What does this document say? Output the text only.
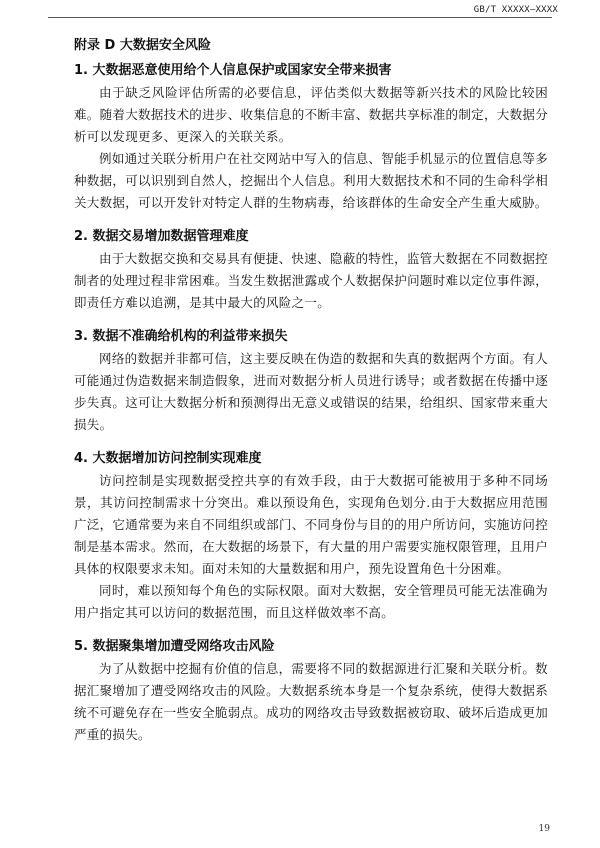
GB/T XXXXX—XXXX
附录 D 大数据安全风险

1. 大数据恶意使用给个人信息保护或国家安全带来损害

由于缺乏风险评估所需的必要信息，评估类似大数据等新兴技术的风险比较困难。随着大数据技术的进步、收集信息的不断丰富、数据共享标准的制定，大数据分析可以发现更多、更深入的关联关系。

例如通过关联分析用户在社交网站中写入的信息、智能手机显示的位置信息等多种数据，可以识别到自然人，挖掘出个人信息。利用大数据技术和不同的生命科学相关大数据，可以开发针对特定人群的生物病毒，给该群体的生命安全产生重大威胁。

2. 数据交易增加数据管理难度

由于大数据交换和交易具有便捷、快速、隐蔽的特性，监管大数据在不同数据控制者的处理过程非常困难。当发生数据泄露或个人数据保护问题时难以定位事件源，即责任方难以追溯，是其中最大的风险之一。

3. 数据不准确给机构的利益带来损失

网络的数据并非都可信，这主要反映在伪造的数据和失真的数据两个方面。有人可能通过伪造数据来制造假象，进而对数据分析人员进行诱导；或者数据在传播中逐步失真。这可让大数据分析和预测得出无意义或错误的结果，给组织、国家带来重大损失。

4. 大数据增加访问控制实现难度

访问控制是实现数据受控共享的有效手段，由于大数据可能被用于多种不同场景，其访问控制需求十分突出。难以预设角色，实现角色划分.由于大数据应用范围广泛，它通常要为来自不同组织或部门、不同身份与目的的用户所访问，实施访问控制是基本需求。然而，在大数据的场景下，有大量的用户需要实施权限管理，且用户具体的权限要求未知。面对未知的大量数据和用户，预先设置角色十分困难。

同时，难以预知每个角色的实际权限。面对大数据，安全管理员可能无法准确为用户指定其可以访问的数据范围，而且这样做效率不高。

5. 数据聚集增加遭受网络攻击风险

为了从数据中挖掘有价值的信息，需要将不同的数据源进行汇聚和关联分析。数据汇聚增加了遭受网络攻击的风险。大数据系统本身是一个复杂系统，使得大数据系统不可避免存在一些安全脆弱点。成功的网络攻击导致数据被窃取、破坏后造成更加严重的损失。

19
